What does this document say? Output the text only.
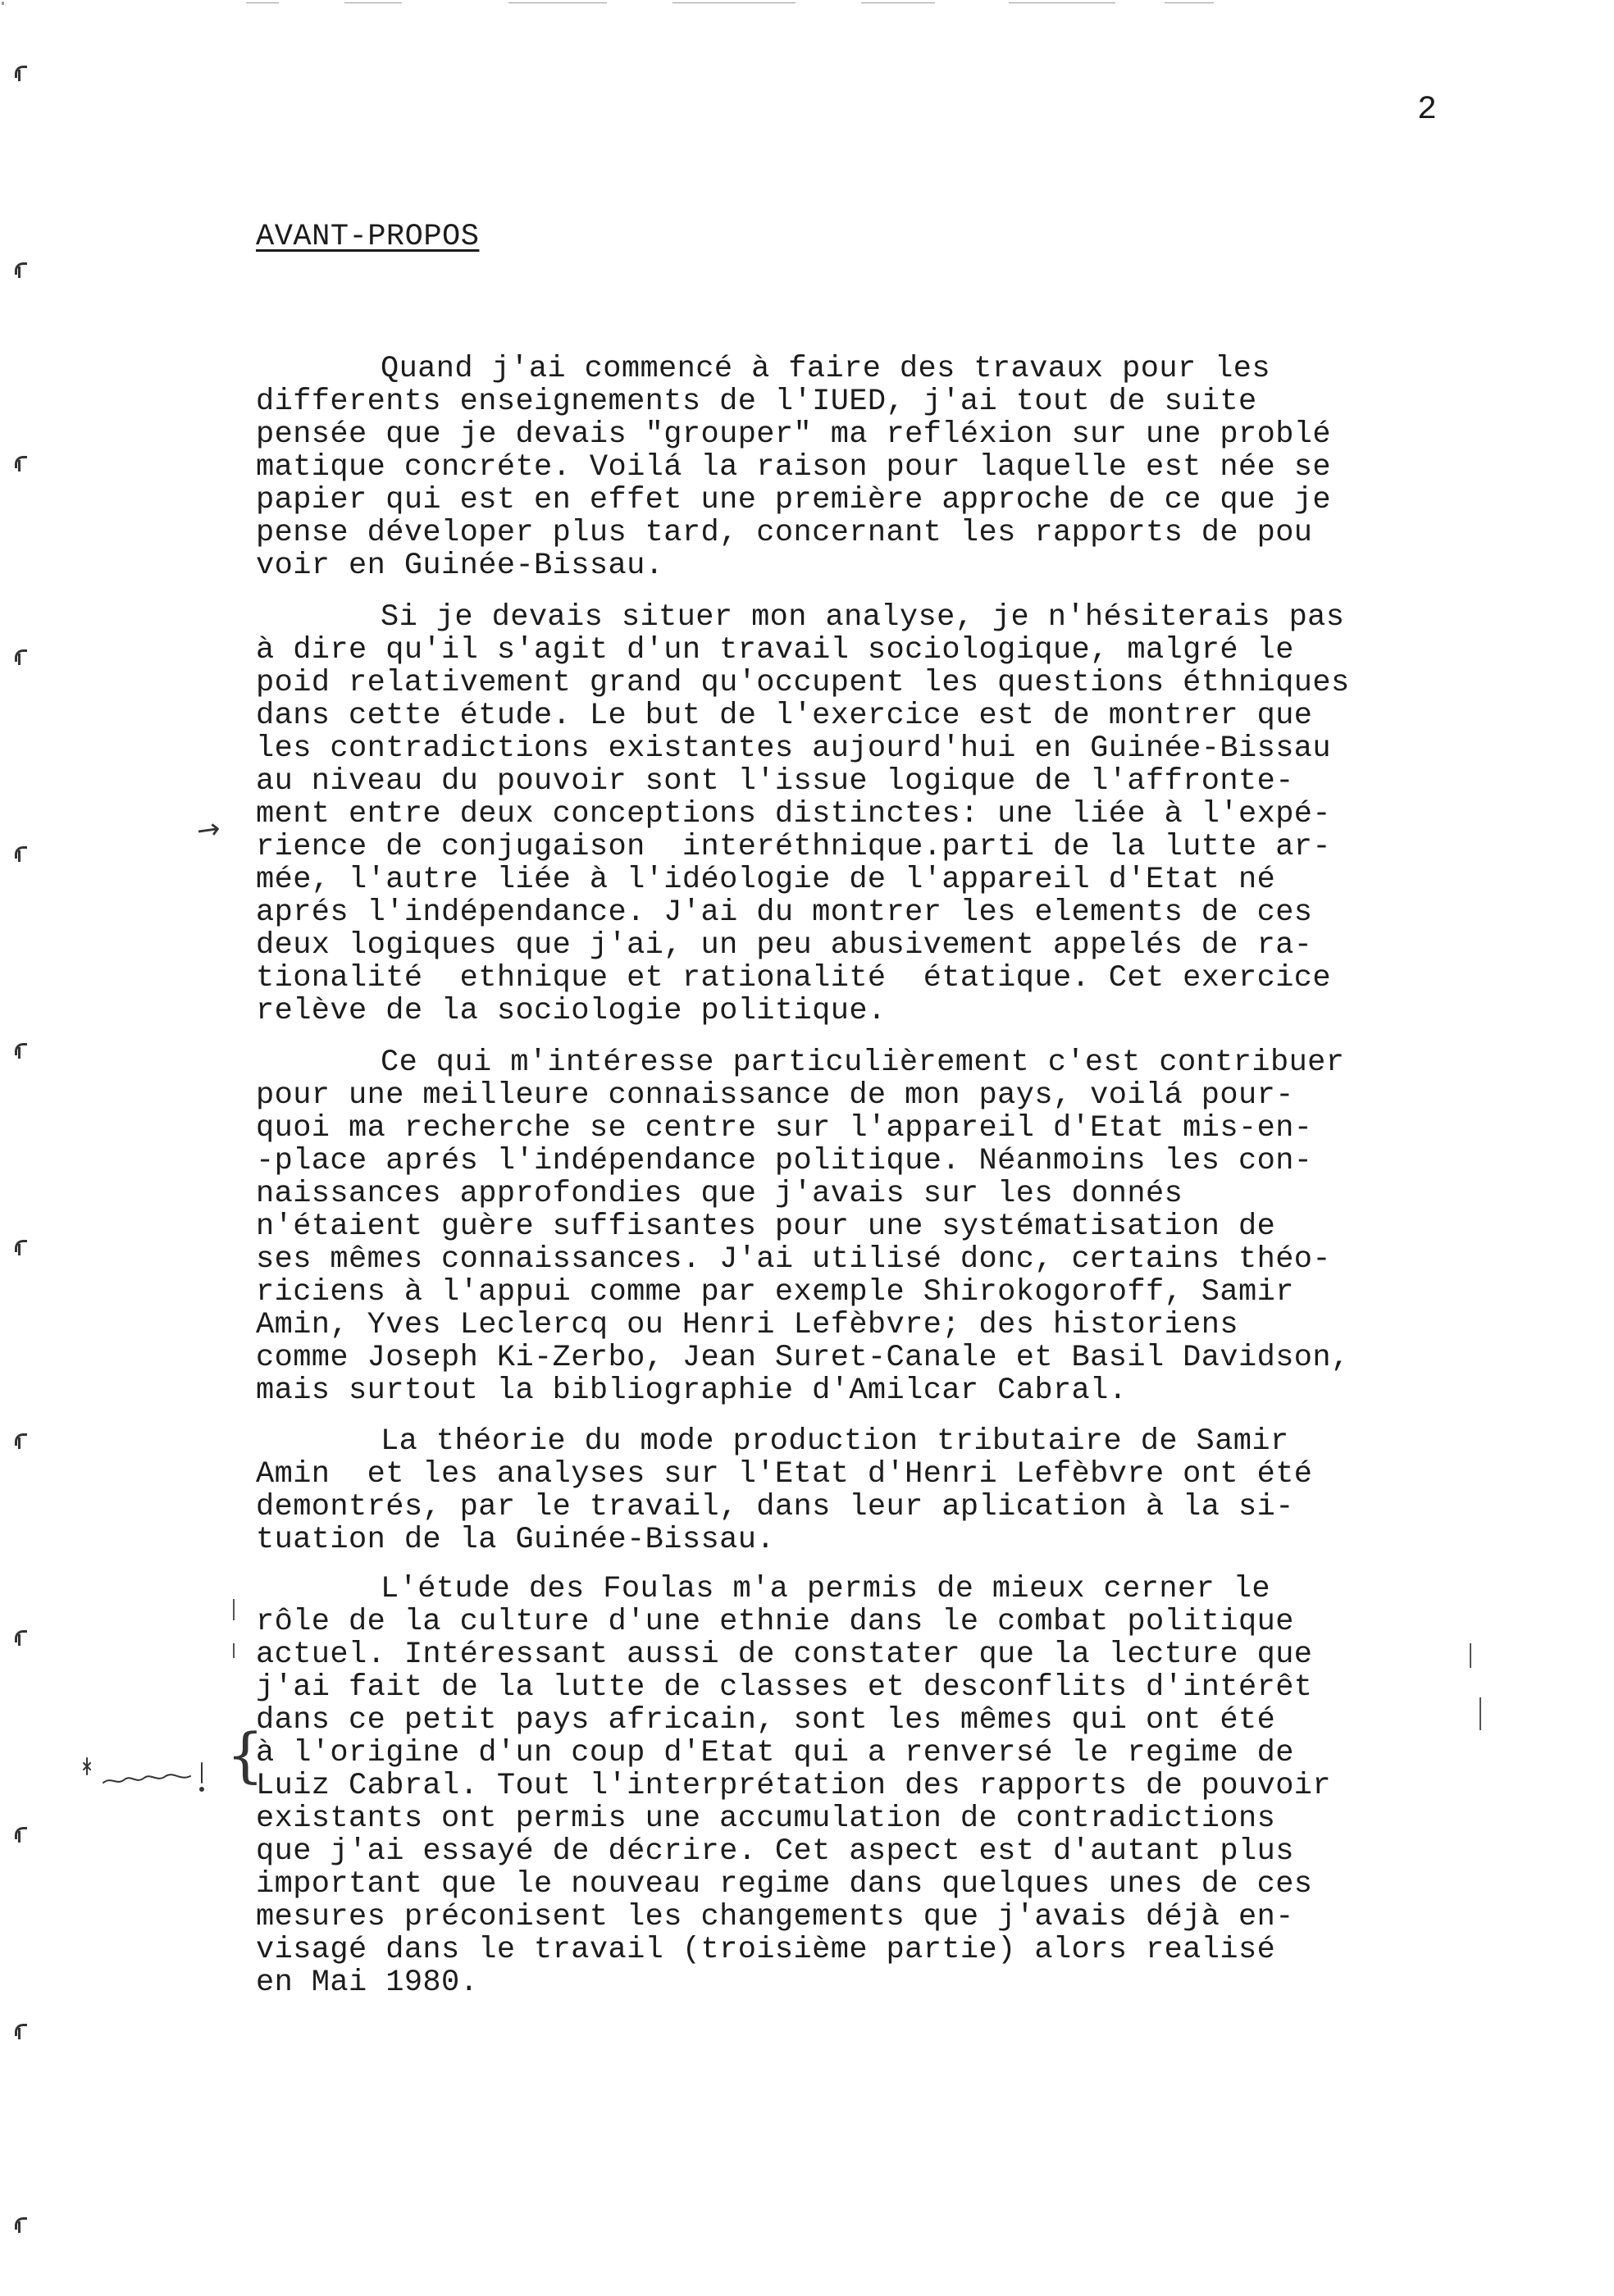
2
AVANT-PROPOS
→
{
Quand j'ai commencé à faire des travaux pour les
differents enseignements de l'IUED, j'ai tout de suite
pensée que je devais "grouper" ma refléxion sur une problé
matique concréte. Voilá la raison pour laquelle est née se
papier qui est en effet une première approche de ce que je
pense déveloper plus tard, concernant les rapports de pou
voir en Guinée-Bissau.
Si je devais situer mon analyse, je n'hésiterais pas
à dire qu'il s'agit d'un travail sociologique, malgré le
poid relativement grand qu'occupent les questions éthniques
dans cette étude. Le but de l'exercice est de montrer que
les contradictions existantes aujourd'hui en Guinée-Bissau
au niveau du pouvoir sont l'issue logique de l'affronte-
ment entre deux conceptions distinctes: une liée à l'expé-
rience de conjugaison  interéthnique.parti de la lutte ar-
mée, l'autre liée à l'idéologie de l'appareil d'Etat né
aprés l'indépendance. J'ai du montrer les elements de ces
deux logiques que j'ai, un peu abusivement appelés de ra-
tionalité  ethnique et rationalité  étatique. Cet exercice
relève de la sociologie politique.
Ce qui m'intéresse particulièrement c'est contribuer
pour une meilleure connaissance de mon pays, voilá pour-
quoi ma recherche se centre sur l'appareil d'Etat mis-en-
-place aprés l'indépendance politique. Néanmoins les con-
naissances approfondies que j'avais sur les donnés
n'étaient guère suffisantes pour une systématisation de
ses mêmes connaissances. J'ai utilisé donc, certains théo-
riciens à l'appui comme par exemple Shirokogoroff, Samir
Amin, Yves Leclercq ou Henri Lefèbvre; des historiens
comme Joseph Ki-Zerbo, Jean Suret-Canale et Basil Davidson,
mais surtout la bibliographie d'Amilcar Cabral.
La théorie du mode production tributaire de Samir
Amin  et les analyses sur l'Etat d'Henri Lefèbvre ont été
demontrés, par le travail, dans leur aplication à la si-
tuation de la Guinée-Bissau.
L'étude des Foulas m'a permis de mieux cerner le
rôle de la culture d'une ethnie dans le combat politique
actuel. Intéressant aussi de constater que la lecture que
j'ai fait de la lutte de classes et desconflits d'intérêt
dans ce petit pays africain, sont les mêmes qui ont été
à l'origine d'un coup d'Etat qui a renversé le regime de
Luiz Cabral. Tout l'interprétation des rapports de pouvoir
existants ont permis une accumulation de contradictions
que j'ai essayé de décrire. Cet aspect est d'autant plus
important que le nouveau regime dans quelques unes de ces
mesures préconisent les changements que j'avais déjà en-
visagé dans le travail (troisième partie) alors realisé
en Mai 1980.
